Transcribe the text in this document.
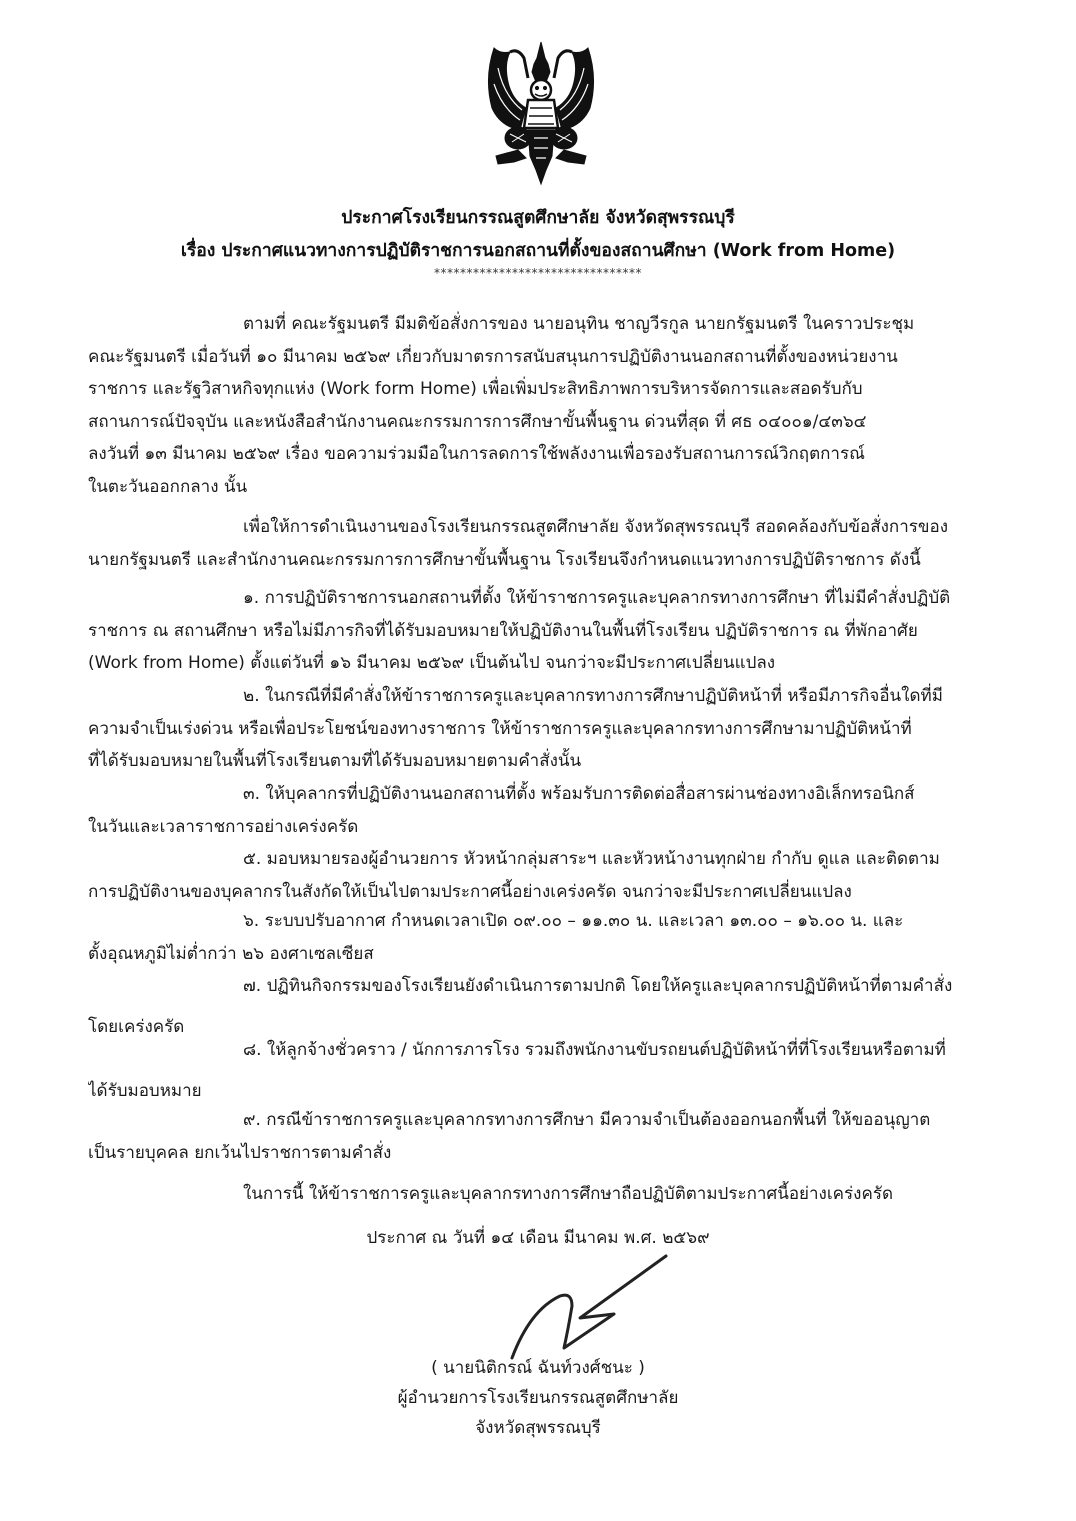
ประกาศโรงเรียนกรรณสูตศึกษาลัย จังหวัดสุพรรณบุรี
เรื่อง ประกาศแนวทางการปฏิบัติราชการนอกสถานที่ตั้งของสถานศึกษา (Work from Home)
********************************
ตามที่ คณะรัฐมนตรี มีมติข้อสั่งการของ นายอนุทิน ชาญวีรกูล นายกรัฐมนตรี ในคราวประชุม
คณะรัฐมนตรี เมื่อวันที่ ๑๐ มีนาคม ๒๕๖๙ เกี่ยวกับมาตรการสนับสนุนการปฏิบัติงานนอกสถานที่ตั้งของหน่วยงาน
ราชการ และรัฐวิสาหกิจทุกแห่ง (Work form Home) เพื่อเพิ่มประสิทธิภาพการบริหารจัดการและสอดรับกับ
สถานการณ์ปัจจุบัน และหนังสือสำนักงานคณะกรรมการการศึกษาขั้นพื้นฐาน ด่วนที่สุด ที่ ศธ ๐๔๐๐๑/๔๓๖๔
ลงวันที่ ๑๓ มีนาคม ๒๕๖๙ เรื่อง ขอความร่วมมือในการลดการใช้พลังงานเพื่อรองรับสถานการณ์วิกฤตการณ์
ในตะวันออกกลาง นั้น
เพื่อให้การดำเนินงานของโรงเรียนกรรณสูตศึกษาลัย จังหวัดสุพรรณบุรี สอดคล้องกับข้อสั่งการของ
นายกรัฐมนตรี และสำนักงานคณะกรรมการการศึกษาขั้นพื้นฐาน โรงเรียนจึงกำหนดแนวทางการปฏิบัติราชการ ดังนี้
๑. การปฏิบัติราชการนอกสถานที่ตั้ง ให้ข้าราชการครูและบุคลากรทางการศึกษา ที่ไม่มีคำสั่งปฏิบัติ
ราชการ ณ สถานศึกษา หรือไม่มีภารกิจที่ได้รับมอบหมายให้ปฏิบัติงานในพื้นที่โรงเรียน ปฏิบัติราชการ ณ ที่พักอาศัย
(Work from Home) ตั้งแต่วันที่ ๑๖ มีนาคม ๒๕๖๙ เป็นต้นไป จนกว่าจะมีประกาศเปลี่ยนแปลง
๒. ในกรณีที่มีคำสั่งให้ข้าราชการครูและบุคลากรทางการศึกษาปฏิบัติหน้าที่ หรือมีภารกิจอื่นใดที่มี
ความจำเป็นเร่งด่วน หรือเพื่อประโยชน์ของทางราชการ ให้ข้าราชการครูและบุคลากรทางการศึกษามาปฏิบัติหน้าที่
ที่ได้รับมอบหมายในพื้นที่โรงเรียนตามที่ได้รับมอบหมายตามคำสั่งนั้น
๓. ให้บุคลากรที่ปฏิบัติงานนอกสถานที่ตั้ง พร้อมรับการติดต่อสื่อสารผ่านช่องทางอิเล็กทรอนิกส์
ในวันและเวลาราชการอย่างเคร่งครัด
๕. มอบหมายรองผู้อำนวยการ หัวหน้ากลุ่มสาระฯ และหัวหน้างานทุกฝ่าย กำกับ ดูแล และติดตาม
การปฏิบัติงานของบุคลากรในสังกัดให้เป็นไปตามประกาศนี้อย่างเคร่งครัด จนกว่าจะมีประกาศเปลี่ยนแปลง
๖. ระบบปรับอากาศ กำหนดเวลาเปิด ๐๙.๐๐ – ๑๑.๓๐ น. และเวลา ๑๓.๐๐ – ๑๖.๐๐ น. และ
ตั้งอุณหภูมิไม่ต่ำกว่า ๒๖ องศาเซลเซียส
๗. ปฏิทินกิจกรรมของโรงเรียนยังดำเนินการตามปกติ โดยให้ครูและบุคลากรปฏิบัติหน้าที่ตามคำสั่ง
โดยเคร่งครัด
๘. ให้ลูกจ้างชั่วคราว / นักการภารโรง รวมถึงพนักงานขับรถยนต์ปฏิบัติหน้าที่ที่โรงเรียนหรือตามที่
ได้รับมอบหมาย
๙. กรณีข้าราชการครูและบุคลากรทางการศึกษา มีความจำเป็นต้องออกนอกพื้นที่ ให้ขออนุญาต
เป็นรายบุคคล ยกเว้นไปราชการตามคำสั่ง
ในการนี้ ให้ข้าราชการครูและบุคลากรทางการศึกษาถือปฏิบัติตามประกาศนี้อย่างเคร่งครัด
ประกาศ ณ วันที่ ๑๔ เดือน มีนาคม พ.ศ. ๒๕๖๙
( นายนิติกรณ์ ฉันท์วงศ์ชนะ )
ผู้อำนวยการโรงเรียนกรรณสูตศึกษาลัย
จังหวัดสุพรรณบุรี
